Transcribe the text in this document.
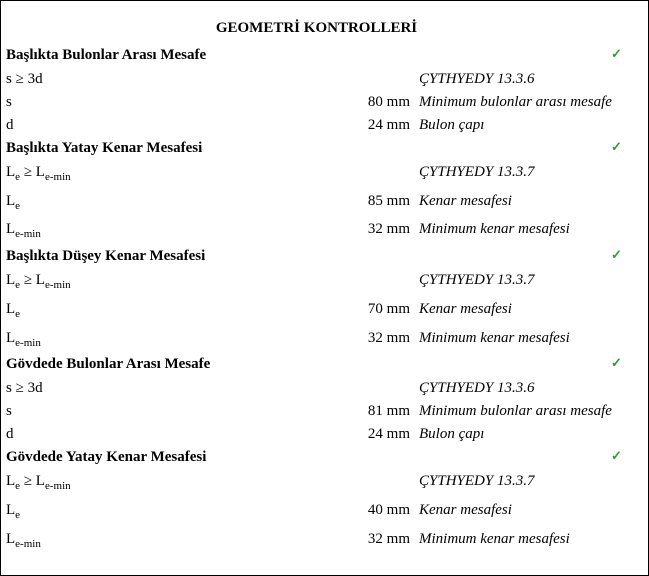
GEOMETRİ KONTROLLERİ
Başlıkta Bulonlar Arası Mesafe	✓
s ≥ 3d	ÇYTHYEDY 13.3.6
s	80 mm Minimum bulonlar arası mesafe
d	24 mm Bulon çapı
Başlıkta Yatay Kenar Mesafesi	✓
$L_e \ge L_{e-min}$	ÇYTHYEDY 13.3.7
$L_e$	85 mm Kenar mesafesi
$L_{e-min}$	32 mm Minimum kenar mesafesi
Başlıkta Düşey Kenar Mesafesi	✓
$L_e \ge L_{e-min}$	ÇYTHYEDY 13.3.7
$L_e$	70 mm Kenar mesafesi
$L_{e-min}$	32 mm Minimum kenar mesafesi
Gövdede Bulonlar Arası Mesafe	✓
s ≥ 3d	ÇYTHYEDY 13.3.6
s	81 mm Minimum bulonlar arası mesafe
d	24 mm Bulon çapı
Gövdede Yatay Kenar Mesafesi	✓
$L_e \ge L_{e-min}$	ÇYTHYEDY 13.3.7
$L_e$	40 mm Kenar mesafesi
$L_{e-min}$	32 mm Minimum kenar mesafesi
